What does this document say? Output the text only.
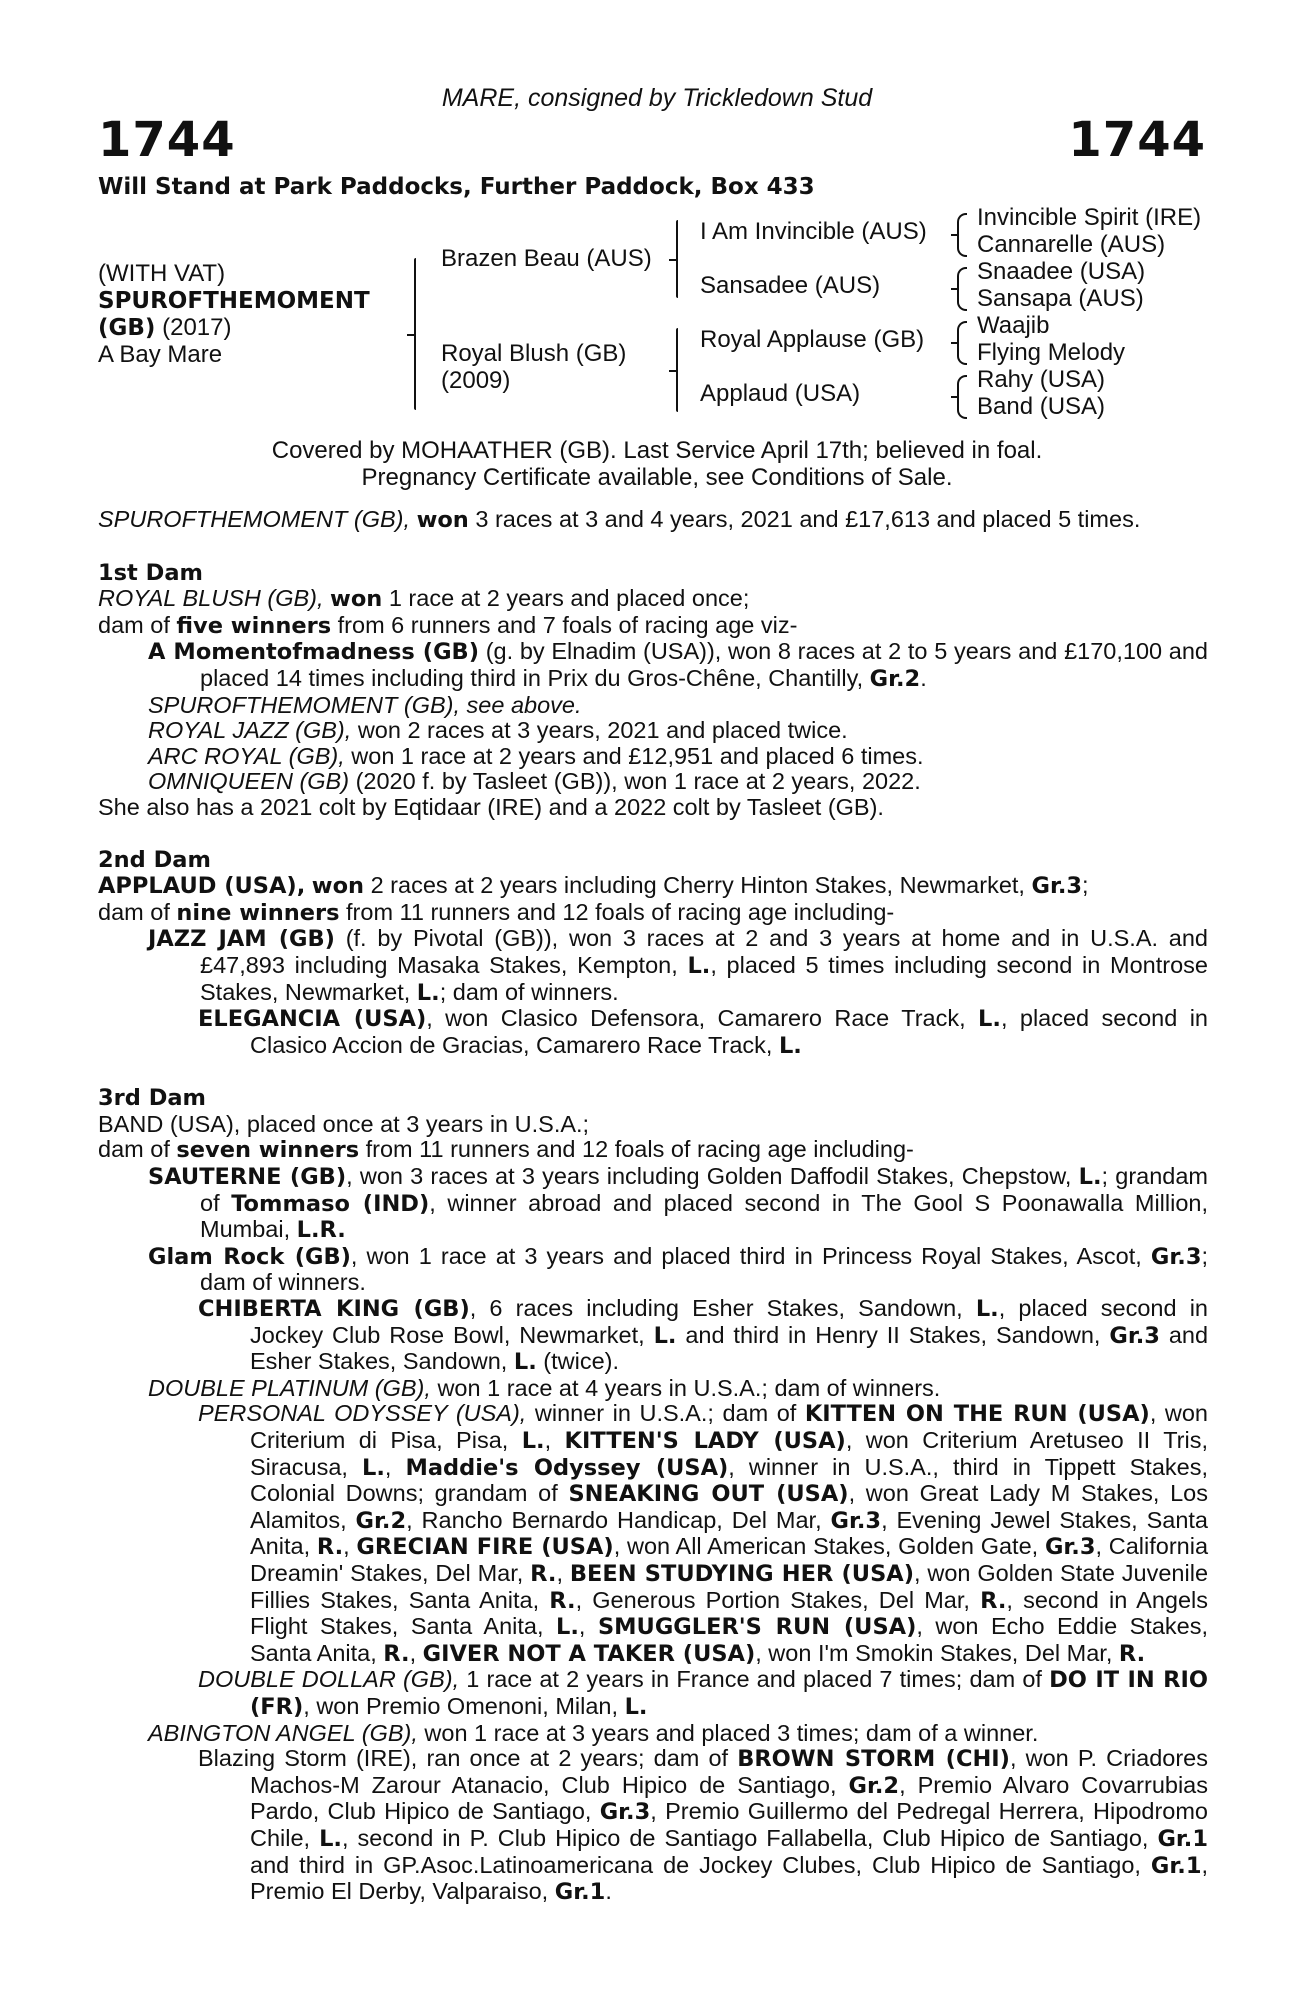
MARE, consigned by Trickledown Stud
1744	1744
Will Stand at Park Paddocks, Further Paddock, Box 433
(WITH VAT)
SPUROFTHEMOMENT
(GB) (2017)
A Bay Mare
Brazen Beau (AUS)
Royal Blush (GB)
(2009)
I Am Invincible (AUS)
Sansadee (AUS)
Royal Applause (GB)
Applaud (USA)
Invincible Spirit (IRE)
Cannarelle (AUS)
Snaadee (USA)
Sansapa (AUS)
Waajib
Flying Melody
Rahy (USA)
Band (USA)
Covered by MOHAATHER (GB). Last Service April 17th; believed in foal.
Pregnancy Certificate available, see Conditions of Sale.
SPUROFTHEMOMENT (GB), won 3 races at 3 and 4 years, 2021 and £17,613 and placed 5 times.
1st Dam
ROYAL BLUSH (GB), won 1 race at 2 years and placed once;
dam of five winners from 6 runners and 7 foals of racing age viz-
A Momentofmadness (GB) (g. by Elnadim (USA)), won 8 races at 2 to 5 years and £170,100 and placed 14 times including third in Prix du Gros-Chêne, Chantilly, Gr.2.
SPUROFTHEMOMENT (GB), see above.
ROYAL JAZZ (GB), won 2 races at 3 years, 2021 and placed twice.
ARC ROYAL (GB), won 1 race at 2 years and £12,951 and placed 6 times.
OMNIQUEEN (GB) (2020 f. by Tasleet (GB)), won 1 race at 2 years, 2022.
She also has a 2021 colt by Eqtidaar (IRE) and a 2022 colt by Tasleet (GB).
2nd Dam
APPLAUD (USA), won 2 races at 2 years including Cherry Hinton Stakes, Newmarket, Gr.3;
dam of nine winners from 11 runners and 12 foals of racing age including-
JAZZ JAM (GB) (f. by Pivotal (GB)), won 3 races at 2 and 3 years at home and in U.S.A. and £47,893 including Masaka Stakes, Kempton, L., placed 5 times including second in Montrose Stakes, Newmarket, L.; dam of winners.
ELEGANCIA (USA), won Clasico Defensora, Camarero Race Track, L., placed second in Clasico Accion de Gracias, Camarero Race Track, L.
3rd Dam
BAND (USA), placed once at 3 years in U.S.A.;
dam of seven winners from 11 runners and 12 foals of racing age including-
SAUTERNE (GB), won 3 races at 3 years including Golden Daffodil Stakes, Chepstow, L.; grandam of Tommaso (IND), winner abroad and placed second in The Gool S Poonawalla Million, Mumbai, L.R.
Glam Rock (GB), won 1 race at 3 years and placed third in Princess Royal Stakes, Ascot, Gr.3; dam of winners.
CHIBERTA KING (GB), 6 races including Esher Stakes, Sandown, L., placed second in Jockey Club Rose Bowl, Newmarket, L. and third in Henry II Stakes, Sandown, Gr.3 and Esher Stakes, Sandown, L. (twice).
DOUBLE PLATINUM (GB), won 1 race at 4 years in U.S.A.; dam of winners.
PERSONAL ODYSSEY (USA), winner in U.S.A.; dam of KITTEN ON THE RUN (USA), won Criterium di Pisa, Pisa, L., KITTEN'S LADY (USA), won Criterium Aretuseo II Tris, Siracusa, L., Maddie's Odyssey (USA), winner in U.S.A., third in Tippett Stakes, Colonial Downs; grandam of SNEAKING OUT (USA), won Great Lady M Stakes, Los Alamitos, Gr.2, Rancho Bernardo Handicap, Del Mar, Gr.3, Evening Jewel Stakes, Santa Anita, R., GRECIAN FIRE (USA), won All American Stakes, Golden Gate, Gr.3, California Dreamin' Stakes, Del Mar, R., BEEN STUDYING HER (USA), won Golden State Juvenile Fillies Stakes, Santa Anita, R., Generous Portion Stakes, Del Mar, R., second in Angels Flight Stakes, Santa Anita, L., SMUGGLER'S RUN (USA), won Echo Eddie Stakes, Santa Anita, R., GIVER NOT A TAKER (USA), won I'm Smokin Stakes, Del Mar, R.
DOUBLE DOLLAR (GB), 1 race at 2 years in France and placed 7 times; dam of DO IT IN RIO (FR), won Premio Omenoni, Milan, L.
ABINGTON ANGEL (GB), won 1 race at 3 years and placed 3 times; dam of a winner.
Blazing Storm (IRE), ran once at 2 years; dam of BROWN STORM (CHI), won P. Criadores Machos-M Zarour Atanacio, Club Hipico de Santiago, Gr.2, Premio Alvaro Covarrubias Pardo, Club Hipico de Santiago, Gr.3, Premio Guillermo del Pedregal Herrera, Hipodromo Chile, L., second in P. Club Hipico de Santiago Fallabella, Club Hipico de Santiago, Gr.1 and third in GP.Asoc.Latinoamericana de Jockey Clubes, Club Hipico de Santiago, Gr.1, Premio El Derby, Valparaiso, Gr.1.
